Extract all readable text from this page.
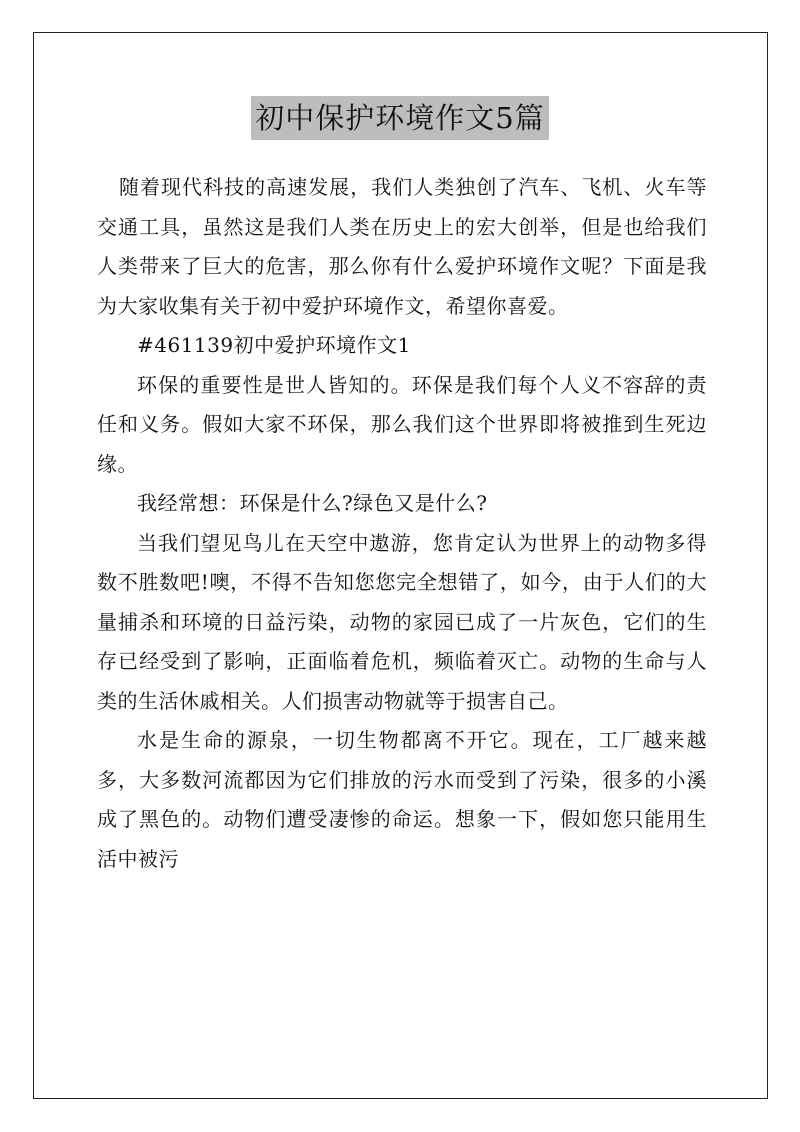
初中保护环境作文5篇

随着现代科技的高速发展，我们人类独创了汽车、飞机、火车等交通工具，虽然这是我们人类在历史上的宏大创举，但是也给我们人类带来了巨大的危害，那么你有什么爱护环境作文呢？下面是我为大家收集有关于初中爱护环境作文，希望你喜爱。

#461139初中爱护环境作文1

环保的重要性是世人皆知的。环保是我们每个人义不容辞的责任和义务。假如大家不环保，那么我们这个世界即将被推到生死边缘。

我经常想：环保是什么?绿色又是什么?

当我们望见鸟儿在天空中遨游，您肯定认为世界上的动物多得数不胜数吧!噢，不得不告知您您完全想错了，如今，由于人们的大量捕杀和环境的日益污染，动物的家园已成了一片灰色，它们的生存已经受到了影响，正面临着危机，频临着灭亡。动物的生命与人类的生活休戚相关。人们损害动物就等于损害自己。

水是生命的源泉，一切生物都离不开它。现在，工厂越来越多，大多数河流都因为它们排放的污水而受到了污染，很多的小溪成了黑色的。动物们遭受凄惨的命运。想象一下，假如您只能用生活中被污
